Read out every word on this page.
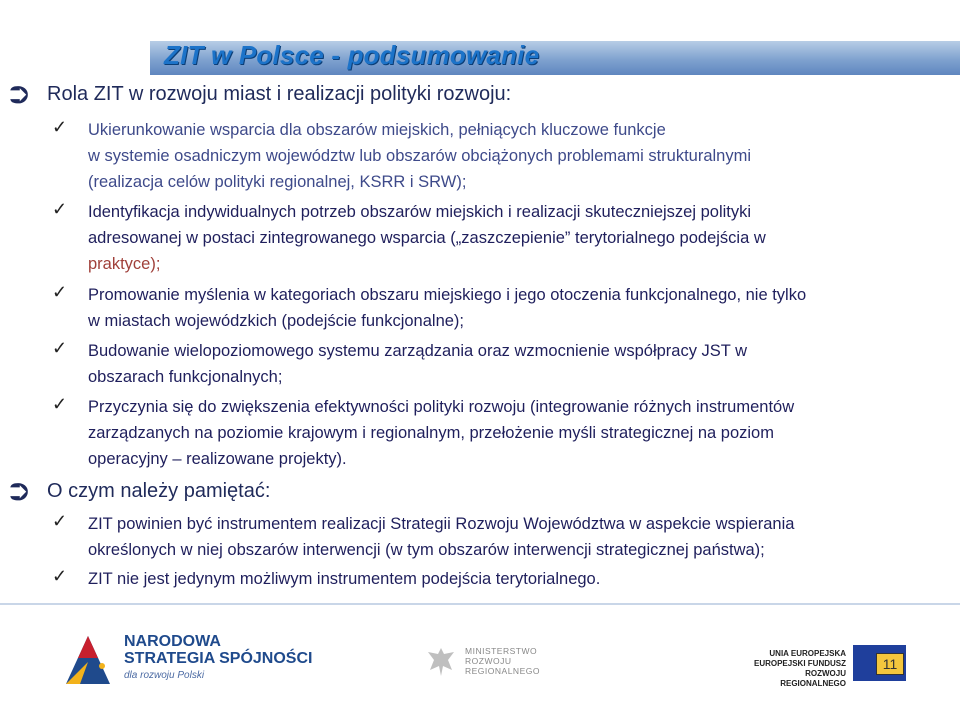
ZIT w Polsce - podsumowanie
⮊ Rola ZIT w rozwoju miast i realizacji polityki rozwoju:
✓ Ukierunkowanie wsparcia dla obszarów miejskich, pełniących kluczowe funkcje
w systemie osadniczym województw lub obszarów obciążonych problemami strukturalnymi
(realizacja celów polityki regionalnej, KSRR i SRW);
✓ Identyfikacja indywidualnych potrzeb obszarów miejskich i realizacji skuteczniejszej polityki
adresowanej w postaci zintegrowanego wsparcia („zaszczepienie” terytorialnego podejścia w
praktyce);
✓ Promowanie myślenia w kategoriach obszaru miejskiego i jego otoczenia funkcjonalnego, nie tylko
w miastach wojewódzkich (podejście funkcjonalne);
✓ Budowanie wielopoziomowego systemu zarządzania oraz wzmocnienie współpracy JST w
obszarach funkcjonalnych;
✓ Przyczynia się do zwiększenia efektywności polityki rozwoju (integrowanie różnych instrumentów
zarządzanych na poziomie krajowym i regionalnym, przełożenie myśli strategicznej na poziom
operacyjny – realizowane projekty).
⮊ O czym należy pamiętać:
✓ ZIT powinien być instrumentem realizacji Strategii Rozwoju Województwa w aspekcie wspierania
określonych w niej obszarów interwencji (w tym obszarów interwencji strategicznej państwa);
✓ ZIT nie jest jedynym możliwym instrumentem podejścia terytorialnego.
NARODOWA
STRATEGIA SPÓJNOŚCI
dla rozwoju Polski
MINISTERSTWO
ROZWOJU
REGIONALNEGO
UNIA EUROPEJSKA
EUROPEJSKI FUNDUSZ
ROZWOJU REGIONALNEGO
11
